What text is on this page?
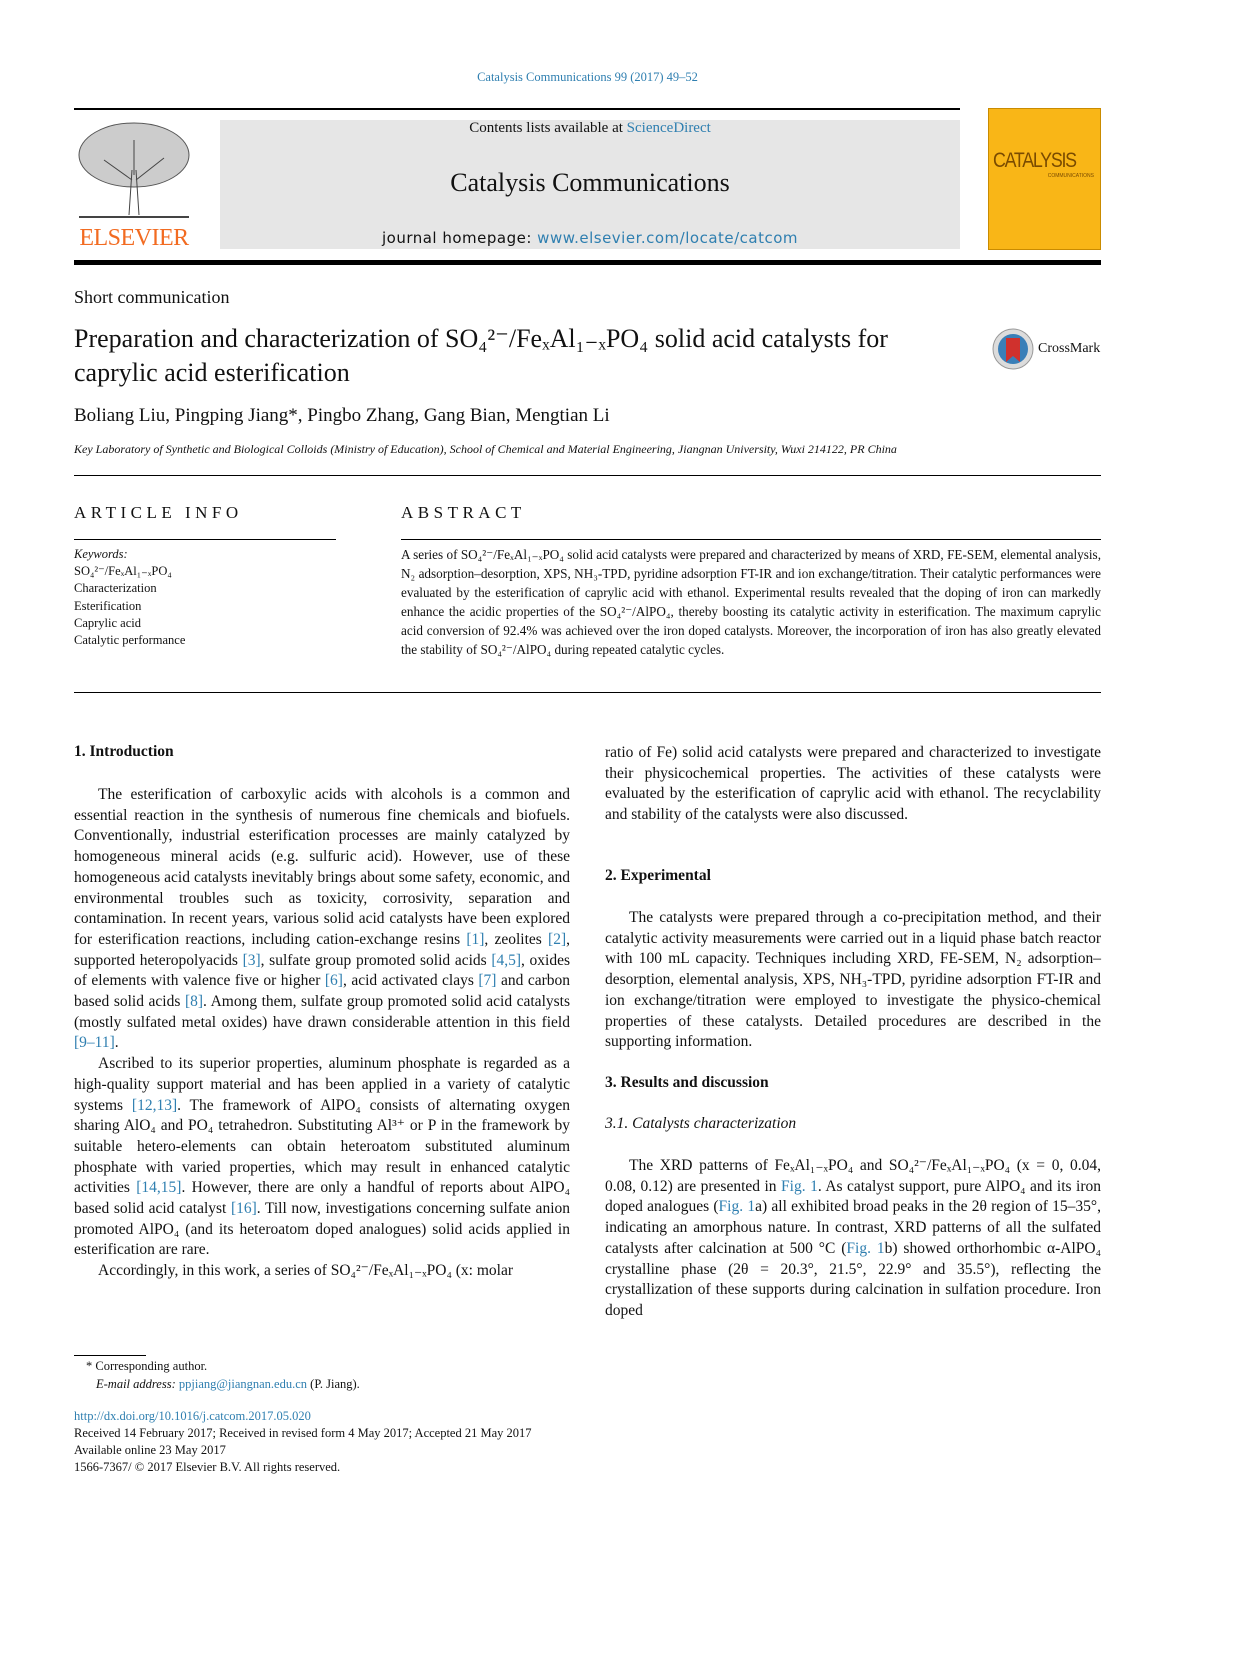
Catalysis Communications 99 (2017) 49–52
ELSEVIER
Contents lists available at ScienceDirect
Catalysis Communications
journal homepage: www.elsevier.com/locate/catcom
CATALYSIS
COMMUNICATIONS
Short communication
Preparation and characterization of SO₄²⁻/FeₓAl₁₋ₓPO₄ solid acid catalysts for caprylic acid esterification
CrossMark
Boliang Liu, Pingping Jiang*, Pingbo Zhang, Gang Bian, Mengtian Li
Key Laboratory of Synthetic and Biological Colloids (Ministry of Education), School of Chemical and Material Engineering, Jiangnan University, Wuxi 214122, PR China
ARTICLE INFO	ABSTRACT
Keywords:
SO₄²⁻/FeₓAl₁₋ₓPO₄
Characterization
Esterification
Caprylic acid
Catalytic performance
A series of SO₄²⁻/FeₓAl₁₋ₓPO₄ solid acid catalysts were prepared and characterized by means of XRD, FE-SEM, elemental analysis, N₂ adsorption–desorption, XPS, NH₃-TPD, pyridine adsorption FT-IR and ion exchange/titration. Their catalytic performances were evaluated by the esterification of caprylic acid with ethanol. Experimental results revealed that the doping of iron can markedly enhance the acidic properties of the SO₄²⁻/AlPO₄, thereby boosting its catalytic activity in esterification. The maximum caprylic acid conversion of 92.4% was achieved over the iron doped catalysts. Moreover, the incorporation of iron has also greatly elevated the stability of SO₄²⁻/AlPO₄ during repeated catalytic cycles.
1. Introduction

The esterification of carboxylic acids with alcohols is a common and essential reaction in the synthesis of numerous fine chemicals and biofuels. Conventionally, industrial esterification processes are mainly catalyzed by homogeneous mineral acids (e.g. sulfuric acid). However, use of these homogeneous acid catalysts inevitably brings about some safety, economic, and environmental troubles such as toxicity, corrosivity, separation and contamination. In recent years, various solid acid catalysts have been explored for esterification reactions, including cation-exchange resins [1], zeolites [2], supported heteropolyacids [3], sulfate group promoted solid acids [4,5], oxides of elements with valence five or higher [6], acid activated clays [7] and carbon based solid acids [8]. Among them, sulfate group promoted solid acid catalysts (mostly sulfated metal oxides) have drawn considerable attention in this field [9–11].

Ascribed to its superior properties, aluminum phosphate is regarded as a high-quality support material and has been applied in a variety of catalytic systems [12,13]. The framework of AlPO₄ consists of alternating oxygen sharing AlO₄ and PO₄ tetrahedron. Substituting Al³⁺ or P in the framework by suitable hetero-elements can obtain heteroatom substituted aluminum phosphate with varied properties, which may result in enhanced catalytic activities [14,15]. However, there are only a handful of reports about AlPO₄ based solid acid catalyst [16]. Till now, investigations concerning sulfate anion promoted AlPO₄ (and its heteroatom doped analogues) solid acids applied in esterification are rare.

Accordingly, in this work, a series of SO₄²⁻/FeₓAl₁₋ₓPO₄ (x: molar

ratio of Fe) solid acid catalysts were prepared and characterized to investigate their physicochemical properties. The activities of these catalysts were evaluated by the esterification of caprylic acid with ethanol. The recyclability and stability of the catalysts were also discussed.
2. Experimental

The catalysts were prepared through a co-precipitation method, and their catalytic activity measurements were carried out in a liquid phase batch reactor with 100 mL capacity. Techniques including XRD, FE-SEM, N₂ adsorption–desorption, elemental analysis, XPS, NH₃-TPD, pyridine adsorption FT-IR and ion exchange/titration were employed to investigate the physico-chemical properties of these catalysts. Detailed procedures are described in the supporting information.

3. Results and discussion
3.1. Catalysts characterization

The XRD patterns of FeₓAl₁₋ₓPO₄ and SO₄²⁻/FeₓAl₁₋ₓPO₄ (x = 0, 0.04, 0.08, 0.12) are presented in Fig. 1. As catalyst support, pure AlPO₄ and its iron doped analogues (Fig. 1a) all exhibited broad peaks in the 2θ region of 15–35°, indicating an amorphous nature. In contrast, XRD patterns of all the sulfated catalysts after calcination at 500 °C (Fig. 1b) showed orthorhombic α-AlPO₄ crystalline phase (2θ = 20.3°, 21.5°, 22.9° and 35.5°), reflecting the crystallization of these supports during calcination in sulfation procedure. Iron doped

* Corresponding author.
E-mail address: ppjiang@jiangnan.edu.cn (P. Jiang).
http://dx.doi.org/10.1016/j.catcom.2017.05.020
Received 14 February 2017; Received in revised form 4 May 2017; Accepted 21 May 2017
Available online 23 May 2017
1566-7367/ © 2017 Elsevier B.V. All rights reserved.
